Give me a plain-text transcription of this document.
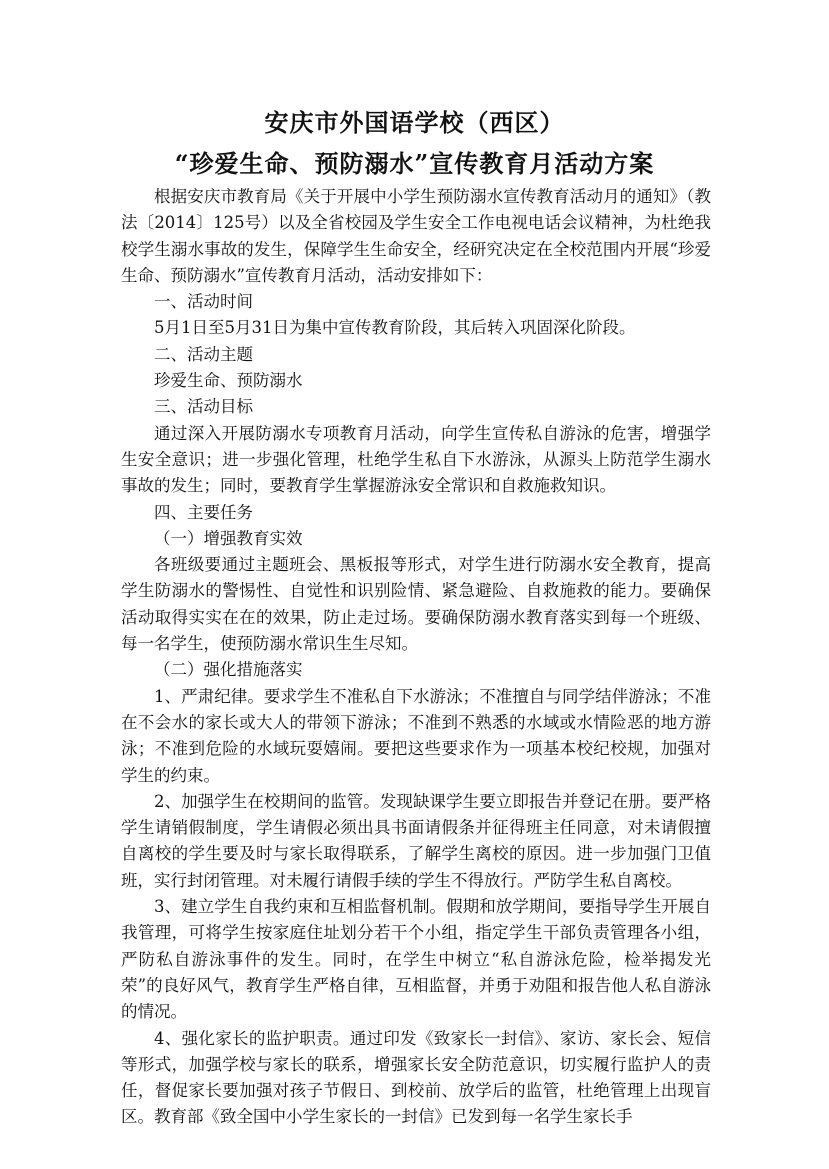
安庆市外国语学校（西区）
“珍爱生命、预防溺水”宣传教育月活动方案

根据安庆市教育局《关于开展中小学生预防溺水宣传教育活动月的通知》（教法〔2014〕125号）以及全省校园及学生安全工作电视电话会议精神，为杜绝我校学生溺水事故的发生，保障学生生命安全，经研究决定在全校范围内开展“珍爱生命、预防溺水”宣传教育月活动，活动安排如下：

一、活动时间

5月1日至5月31日为集中宣传教育阶段，其后转入巩固深化阶段。

二、活动主题

珍爱生命、预防溺水

三、活动目标

通过深入开展防溺水专项教育月活动，向学生宣传私自游泳的危害，增强学生安全意识；进一步强化管理，杜绝学生私自下水游泳，从源头上防范学生溺水事故的发生；同时，要教育学生掌握游泳安全常识和自救施救知识。

四、主要任务

（一）增强教育实效

各班级要通过主题班会、黑板报等形式，对学生进行防溺水安全教育，提高学生防溺水的警惕性、自觉性和识别险情、紧急避险、自救施救的能力。要确保活动取得实实在在的效果，防止走过场。要确保防溺水教育落实到每一个班级、每一名学生，使预防溺水常识生生尽知。

（二）强化措施落实

1、严肃纪律。要求学生不准私自下水游泳；不准擅自与同学结伴游泳；不准在不会水的家长或大人的带领下游泳；不准到不熟悉的水域或水情险恶的地方游泳；不准到危险的水域玩耍嬉闹。要把这些要求作为一项基本校纪校规，加强对学生的约束。

2、加强学生在校期间的监管。发现缺课学生要立即报告并登记在册。要严格学生请销假制度，学生请假必须出具书面请假条并征得班主任同意，对未请假擅自离校的学生要及时与家长取得联系，了解学生离校的原因。进一步加强门卫值班，实行封闭管理。对未履行请假手续的学生不得放行。严防学生私自离校。

3、建立学生自我约束和互相监督机制。假期和放学期间，要指导学生开展自我管理，可将学生按家庭住址划分若干个小组，指定学生干部负责管理各小组，严防私自游泳事件的发生。同时，在学生中树立“私自游泳危险，检举揭发光荣”的良好风气，教育学生严格自律，互相监督，并勇于劝阻和报告他人私自游泳的情况。

4、强化家长的监护职责。通过印发《致家长一封信》、家访、家长会、短信等形式，加强学校与家长的联系，增强家长安全防范意识，切实履行监护人的责任，督促家长要加强对孩子节假日、到校前、放学后的监管，杜绝管理上出现盲区。教育部《致全国中小学生家长的一封信》已发到每一名学生家长手
